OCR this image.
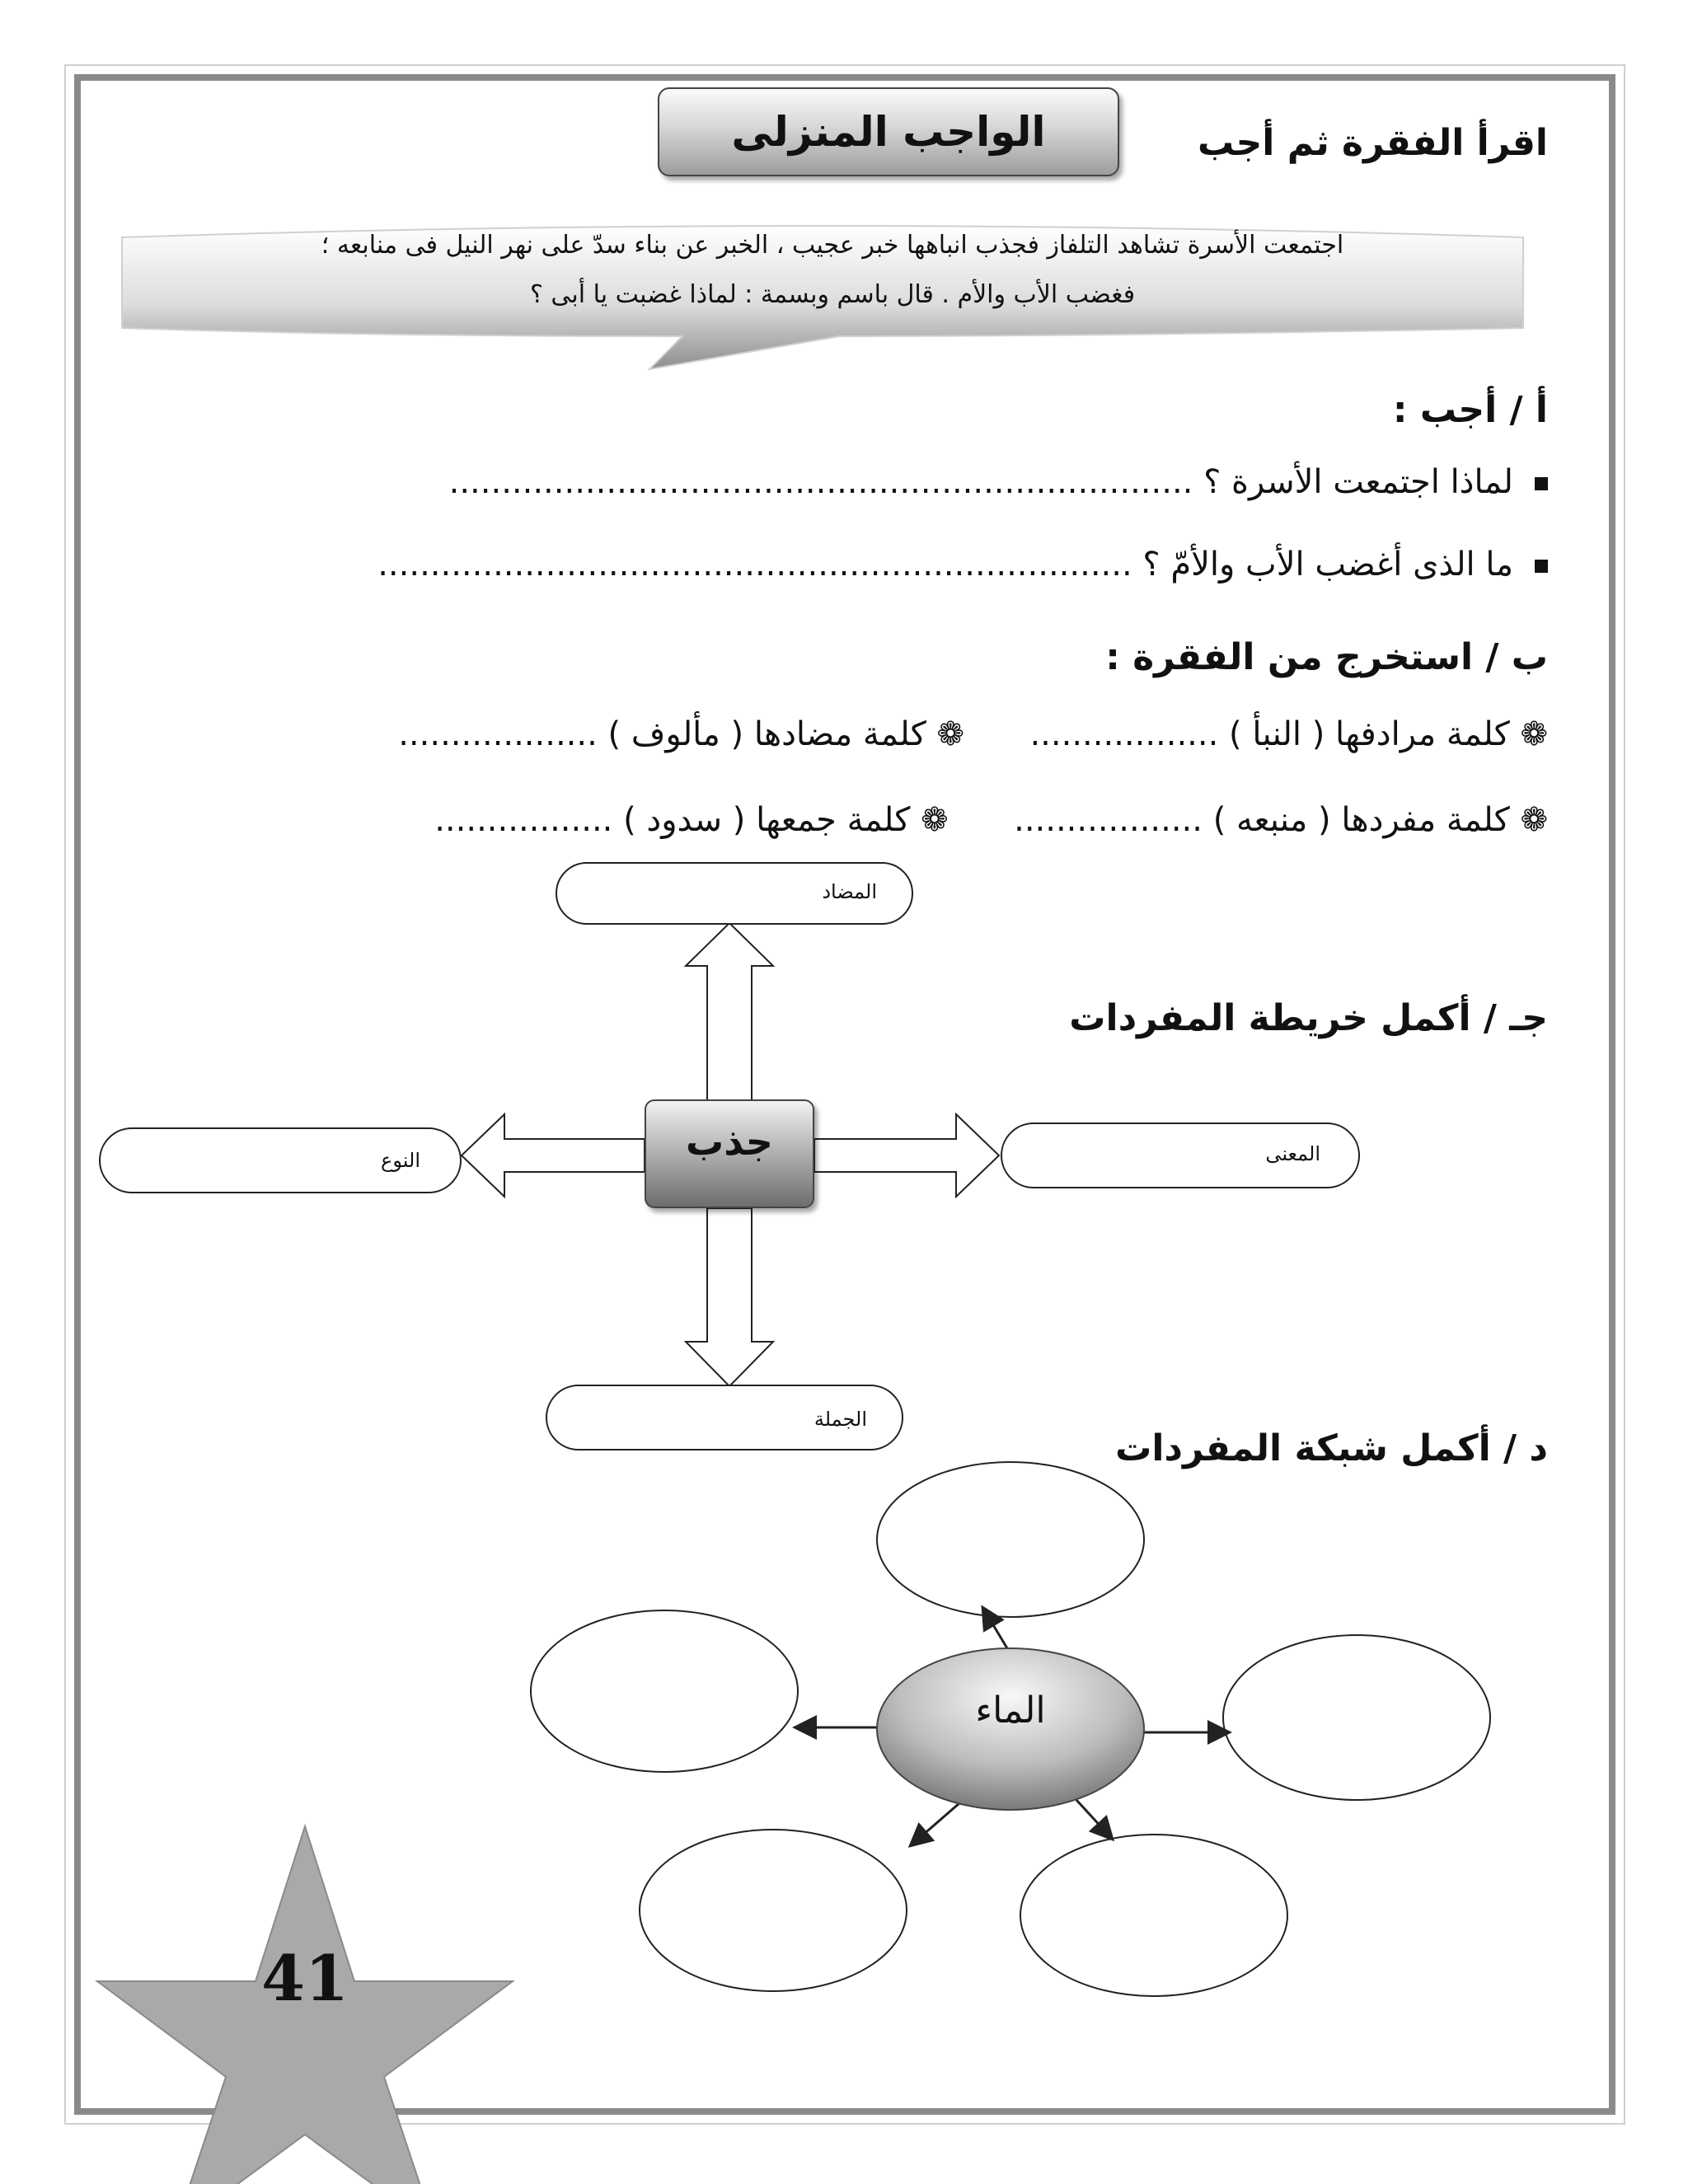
الواجب المنزلى	اقرأ الفقرة ثم أجب
اجتمعت الأسرة تشاهد التلفاز فجذب انباهها خبر عجيب ، الخبر عن بناء سدّ على نهر النيل فى منابعه ؛
فغضب الأب والأم . قال باسم وبسمة : لماذا غضبت يا أبى ؟
أ / أجب :
لماذا اجتمعت الأسرة ؟ .......................................................................
ما الذى أغضب الأب والأمّ ؟ ........................................................................
ب / استخرج من الفقرة :
❁ كلمة مرادفها ( النبأ ) ..................  ❁ كلمة مضادها ( مألوف ) ...................
❁ كلمة مفردها ( منبعه ) ..................  ❁ كلمة جمعها ( سدود ) .................
جـ / أكمل خريطة المفردات
المضاد
المعنى
النوع
الجملة
جذب
د / أكمل شبكة المفردات
الماء
41
